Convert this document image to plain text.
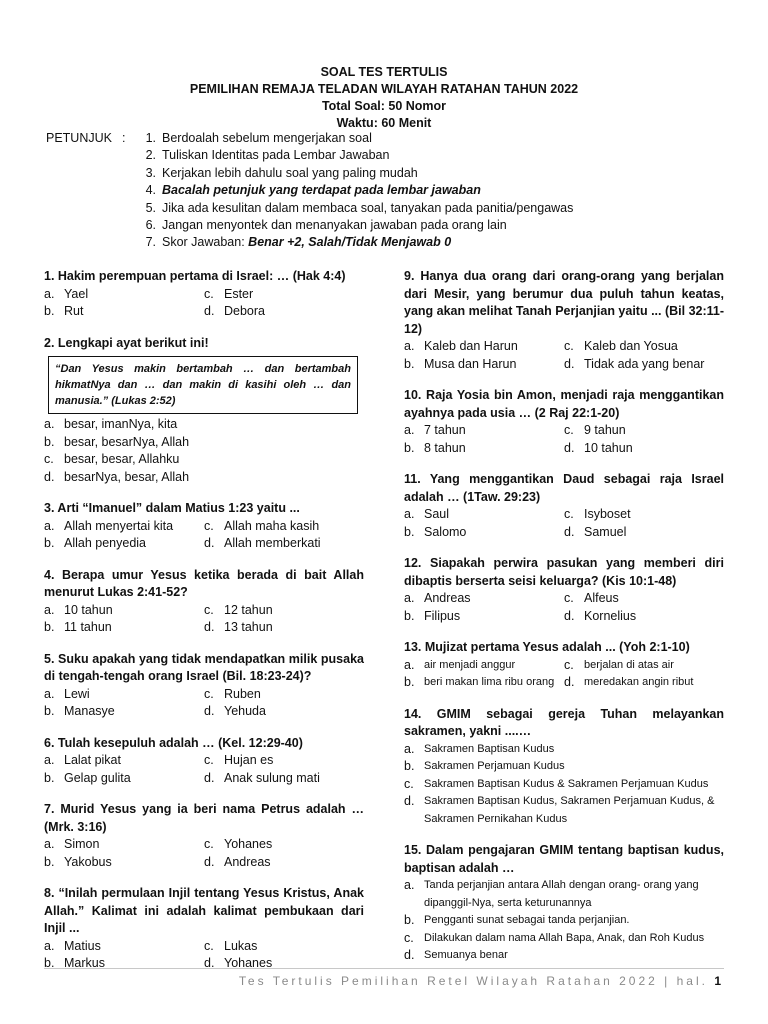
SOAL TES TERTULIS
PEMILIHAN REMAJA TELADAN WILAYAH RATAHAN TAHUN 2022
Total Soal: 50 Nomor
Waktu: 60 Menit
PETUNJUK :	1. Berdoalah sebelum mengerjakan soal
2. Tuliskan Identitas pada Lembar Jawaban
3. Kerjakan lebih dahulu soal yang paling mudah
4. Bacalah petunjuk yang terdapat pada lembar jawaban
5. Jika ada kesulitan dalam membaca soal, tanyakan pada panitia/pengawas
6. Jangan menyontek dan menanyakan jawaban pada orang lain
7. Skor Jawaban: Benar +2, Salah/Tidak Menjawab 0
1. Hakim perempuan pertama di Israel: … (Hak 4:4)
a. Yael	c. Ester
b. Rut	d. Debora
2. Lengkapi ayat berikut ini!
“Dan Yesus makin bertambah … dan bertambah hikmatNya dan … dan makin di kasihi oleh … dan manusia.” (Lukas 2:52)
a. besar, imanNya, kita
b. besar, besarNya, Allah
c. besar, besar, Allahku
d. besarNya, besar, Allah
3. Arti “Imanuel” dalam Matius 1:23 yaitu ...
a. Allah menyertai kita	c. Allah maha kasih
b. Allah penyedia	d. Allah memberkati
4. Berapa umur Yesus ketika berada di bait Allah menurut Lukas 2:41-52?
a. 10 tahun	c. 12 tahun
b. 11 tahun	d. 13 tahun
5. Suku apakah yang tidak mendapatkan milik pusaka di tengah-tengah orang Israel (Bil. 18:23-24)?
a. Lewi	c. Ruben
b. Manasye	d. Yehuda
6. Tulah kesepuluh adalah … (Kel. 12:29-40)
a. Lalat pikat	c. Hujan es
b. Gelap gulita	d. Anak sulung mati
7. Murid Yesus yang ia beri nama Petrus adalah … (Mrk. 3:16)
a. Simon	c. Yohanes
b. Yakobus	d. Andreas
8. “Inilah permulaan Injil tentang Yesus Kristus, Anak Allah.” Kalimat ini adalah kalimat pembukaan dari Injil ...
a. Matius	c. Lukas
b. Markus	d. Yohanes
9. Hanya dua orang dari orang-orang yang berjalan dari Mesir, yang berumur dua puluh tahun keatas, yang akan melihat Tanah Perjanjian yaitu ... (Bil 32:11-12)
a. Kaleb dan Harun	c. Kaleb dan Yosua
b. Musa dan Harun	d. Tidak ada yang benar
10. Raja Yosia bin Amon, menjadi raja menggantikan ayahnya pada usia … (2 Raj 22:1-20)
a. 7 tahun	c. 9 tahun
b. 8 tahun	d. 10 tahun
11. Yang menggantikan Daud sebagai raja Israel adalah … (1Taw. 29:23)
a. Saul	c. Isyboset
b. Salomo	d. Samuel
12. Siapakah perwira pasukan yang memberi diri dibaptis berserta seisi keluarga? (Kis 10:1-48)
a. Andreas	c. Alfeus
b. Filipus	d. Kornelius
13. Mujizat pertama Yesus adalah ... (Yoh 2:1-10)
a. air menjadi anggur	c. berjalan di atas air
b. beri makan lima ribu orang d. meredakan angin ribut
14. GMIM sebagai gereja Tuhan melayankan sakramen, yakni ....…
a. Sakramen Baptisan Kudus
b. Sakramen Perjamuan Kudus
c. Sakramen Baptisan Kudus & Sakramen Perjamuan Kudus
d. Sakramen Baptisan Kudus, Sakramen Perjamuan Kudus, & Sakramen Pernikahan Kudus
15. Dalam pengajaran GMIM tentang baptisan kudus, baptisan adalah …
a. Tanda perjanjian antara Allah dengan orang- orang yang dipanggil-Nya, serta keturunannya
b. Pengganti sunat sebagai tanda perjanjian.
c. Dilakukan dalam nama Allah Bapa, Anak, dan Roh Kudus
d. Semuanya benar
Tes Tertulis Pemilihan Retel Wilayah Ratahan 2022 | hal. 1
